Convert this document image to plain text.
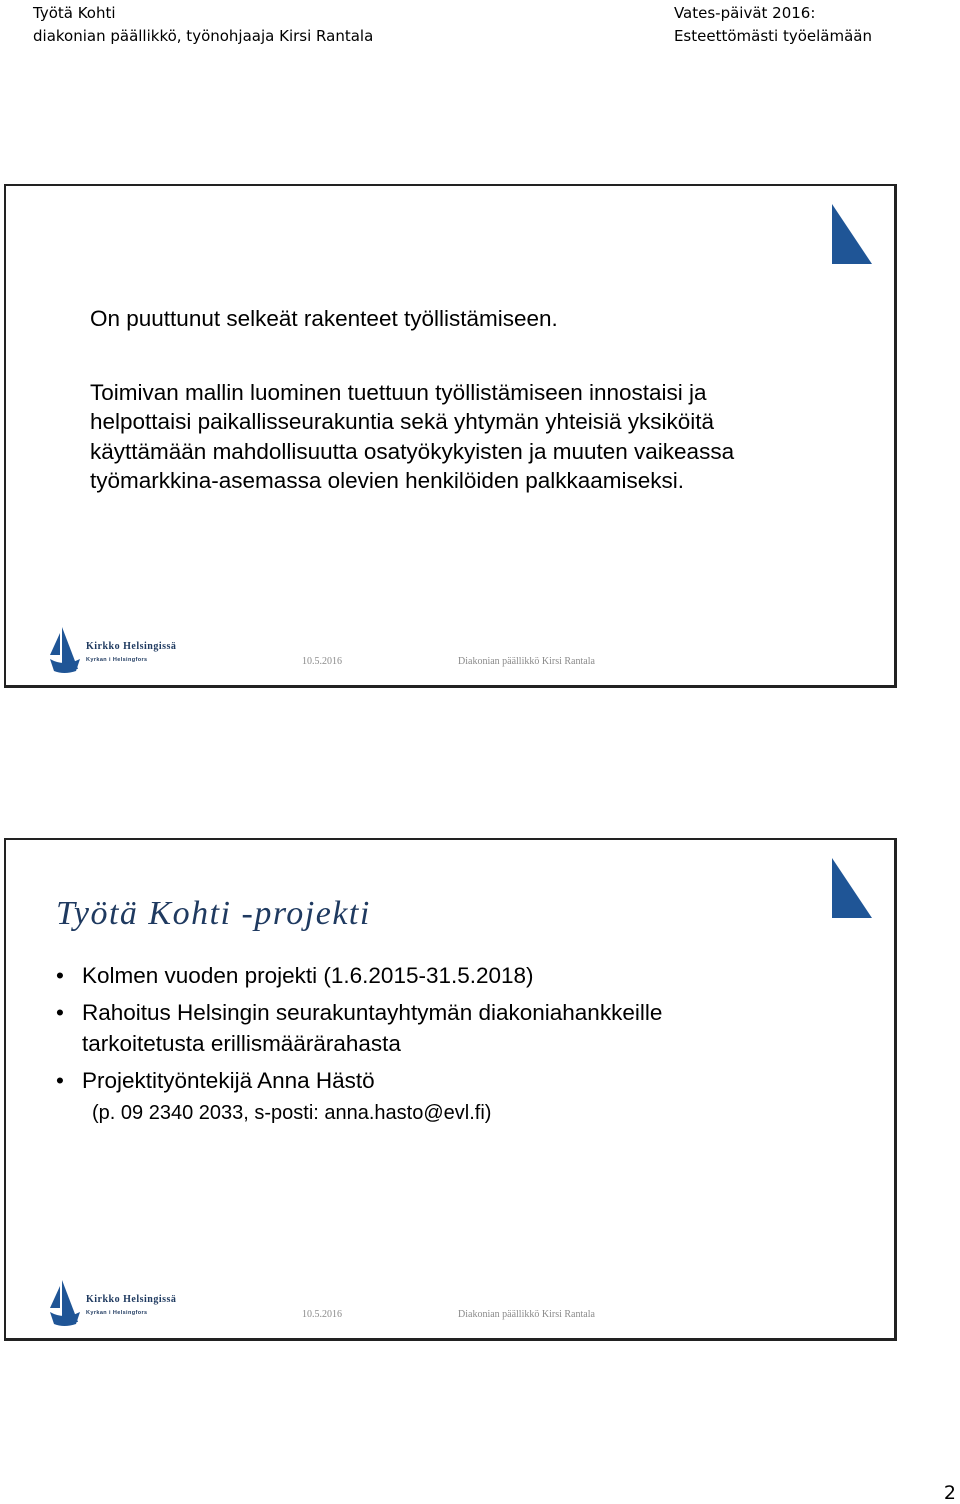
Työtä Kohti
diakonian päällikkö, työnohjaaja Kirsi Rantala
Vates-päivät 2016:
Esteettömästi työelämään

On puuttunut selkeät rakenteet työllistämiseen.

Toimivan mallin luominen tuettuun työllistämiseen innostaisi ja

helpottaisi paikallisseurakuntia sekä yhtymän yhteisiä yksiköitä

käyttämään mahdollisuutta osatyökykyisten ja muuten vaikeassa

työmarkkina-asemassa olevien henkilöiden palkkaamiseksi.

Kirkko Helsingissä
Kyrkan i Helsingfors	10.5.2016	Diakonian päällikkö Kirsi Rantala
Työtä Kohti -projekti
• Kolmen vuoden projekti (1.6.2015-31.5.2018)
• Rahoitus Helsingin seurakuntayhtymän diakoniahankkeille
tarkoitetusta erillismäärärahasta
• Projektityöntekijä Anna Hästö
(p. 09 2340 2033, s-posti: anna.hasto@evl.fi)
Kirkko Helsingissä
Kyrkan i Helsingfors	10.5.2016	Diakonian päällikkö Kirsi Rantala
2
